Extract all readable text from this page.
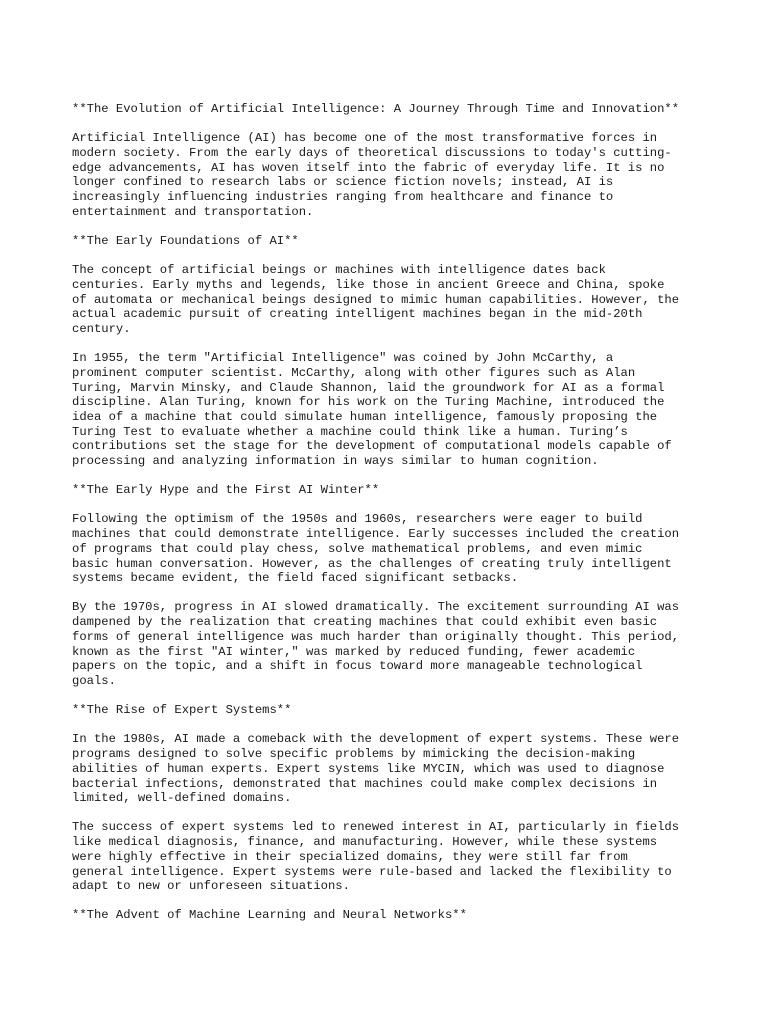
**The Evolution of Artificial Intelligence: A Journey Through Time and Innovation**
Artificial Intelligence (AI) has become one of the most transformative forces in
modern society. From the early days of theoretical discussions to today's cutting-
edge advancements, AI has woven itself into the fabric of everyday life. It is no
longer confined to research labs or science fiction novels; instead, AI is
increasingly influencing industries ranging from healthcare and finance to
entertainment and transportation.
**The Early Foundations of AI**
The concept of artificial beings or machines with intelligence dates back
centuries. Early myths and legends, like those in ancient Greece and China, spoke
of automata or mechanical beings designed to mimic human capabilities. However, the
actual academic pursuit of creating intelligent machines began in the mid-20th
century.
In 1955, the term "Artificial Intelligence" was coined by John McCarthy, a
prominent computer scientist. McCarthy, along with other figures such as Alan
Turing, Marvin Minsky, and Claude Shannon, laid the groundwork for AI as a formal
discipline. Alan Turing, known for his work on the Turing Machine, introduced the
idea of a machine that could simulate human intelligence, famously proposing the
Turing Test to evaluate whether a machine could think like a human. Turing’s
contributions set the stage for the development of computational models capable of
processing and analyzing information in ways similar to human cognition.
**The Early Hype and the First AI Winter**
Following the optimism of the 1950s and 1960s, researchers were eager to build
machines that could demonstrate intelligence. Early successes included the creation
of programs that could play chess, solve mathematical problems, and even mimic
basic human conversation. However, as the challenges of creating truly intelligent
systems became evident, the field faced significant setbacks.
By the 1970s, progress in AI slowed dramatically. The excitement surrounding AI was
dampened by the realization that creating machines that could exhibit even basic
forms of general intelligence was much harder than originally thought. This period,
known as the first "AI winter," was marked by reduced funding, fewer academic
papers on the topic, and a shift in focus toward more manageable technological
goals.
**The Rise of Expert Systems**
In the 1980s, AI made a comeback with the development of expert systems. These were
programs designed to solve specific problems by mimicking the decision-making
abilities of human experts. Expert systems like MYCIN, which was used to diagnose
bacterial infections, demonstrated that machines could make complex decisions in
limited, well-defined domains.
The success of expert systems led to renewed interest in AI, particularly in fields
like medical diagnosis, finance, and manufacturing. However, while these systems
were highly effective in their specialized domains, they were still far from
general intelligence. Expert systems were rule-based and lacked the flexibility to
adapt to new or unforeseen situations.
**The Advent of Machine Learning and Neural Networks**
